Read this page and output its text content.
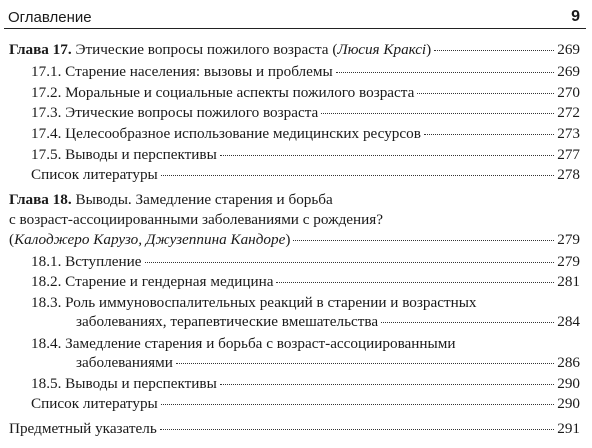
Оглавление	9
Глава 17. Этические вопросы пожилого возраста (Люсия Краксі)	269
17.1. Старение населения: вызовы и проблемы	269
17.2. Моральные и социальные аспекты пожилого возраста	270
17.3. Этические вопросы пожилого возраста	272
17.4. Целесообразное использование медицинских ресурсов	273
17.5. Выводы и перспективы	277
Список литературы	278
Глава 18. Выводы. Замедление старения и борьба
с возраст-ассоциированными заболеваниями с рождения?
(Калоджеро Карузо, Джузеппина Кандоре)	279
18.1. Вступление	279
18.2. Старение и гендерная медицина	281
18.3. Роль иммуновоспалительных реакций в старении и возрастных
заболеваниях, терапевтические вмешательства	284
18.4. Замедление старения и борьба с возраст-ассоциированными
заболеваниями	286
18.5. Выводы и перспективы	290
Список литературы	290
Предметный указатель	291
